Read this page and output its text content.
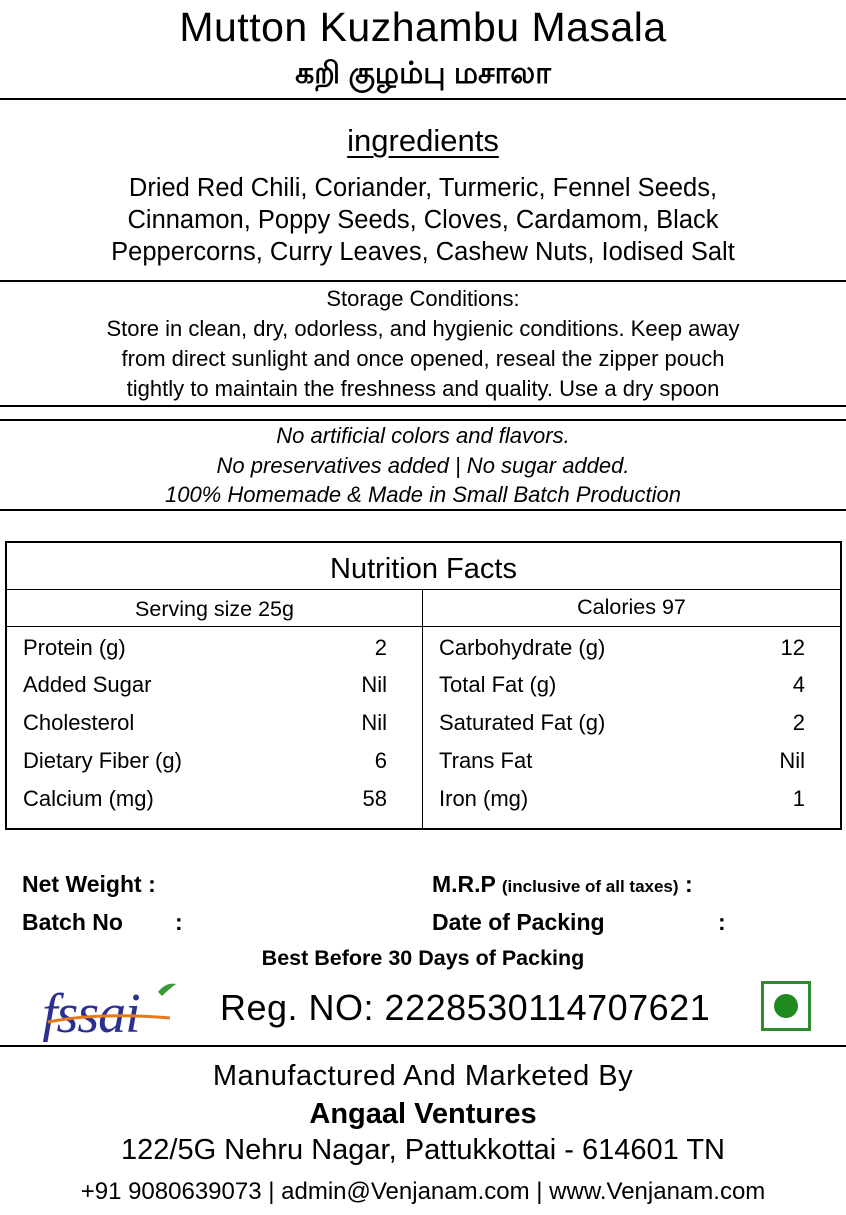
Mutton Kuzhambu Masala
கறி குழம்பு மசாலா
ingredients
Dried Red Chili, Coriander, Turmeric, Fennel Seeds,
Cinnamon, Poppy Seeds, Cloves, Cardamom, Black
Peppercorns, Curry Leaves, Cashew Nuts, Iodised Salt
Storage Conditions:
Store in clean, dry, odorless, and hygienic conditions. Keep away
from direct sunlight and once opened, reseal the zipper pouch
tightly to maintain the freshness and quality. Use a dry spoon
No artificial colors and flavors.
No preservatives added | No sugar added.
100% Homemade & Made in Small Batch Production
Nutrition Facts
Serving size 25g	Calories 97
Protein (g)	2
Added Sugar	Nil
Cholesterol	Nil
Dietary Fiber (g)	6
Calcium (mg)	58
Carbohydrate (g)	12
Total Fat (g)	4
Saturated Fat (g)	2
Trans Fat	Nil
Iron (mg)	1
Net Weight :
Batch No :
M.R.P (inclusive of all taxes) :
Date of Packing	:
Best Before 30 Days of Packing
fssai Reg. NO: 22285301147076‍21
Manufactured And Marketed By
Angaal Ventures
122/5G Nehru Nagar, Pattukkottai - 614601 TN
+91 9080639073 | admin@Venjanam.com | www.Venjanam.com
